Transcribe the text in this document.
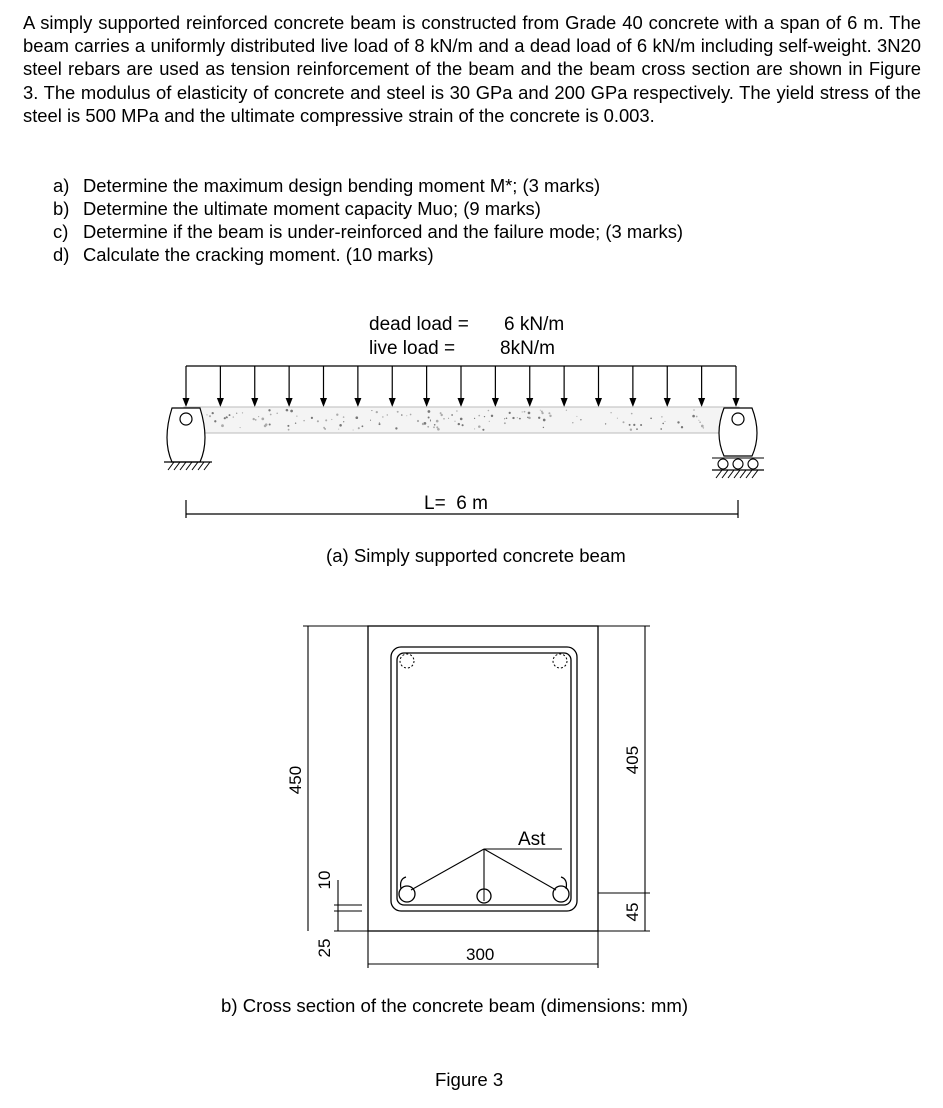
A simply supported reinforced concrete beam is constructed from Grade 40 concrete with a span of 6 m. The beam carries a uniformly distributed live load of 8 kN/m and a dead load of 6 kN/m including self-weight. 3N20 steel rebars are used as tension reinforcement of the beam and the beam cross section are shown in Figure 3. The modulus of elasticity of concrete and steel is 30 GPa and 200 GPa respectively. The yield stress of the steel is 500 MPa and the ultimate compressive strain of the concrete is 0.003.

a) Determine the maximum design bending moment M*; (3 marks)
b) Determine the ultimate moment capacity Muo; (9 marks)
c) Determine if the beam is under-reinforced and the failure mode; (3 marks)
d) Calculate the cracking moment. (10 marks)
dead load = 6 kN/m
live load = 8kN/m
L=  6 m
(a) Simply supported concrete beam
Ast
450
10
25	300
405
45
b) Cross section of the concrete beam (dimensions: mm)
Figure 3
